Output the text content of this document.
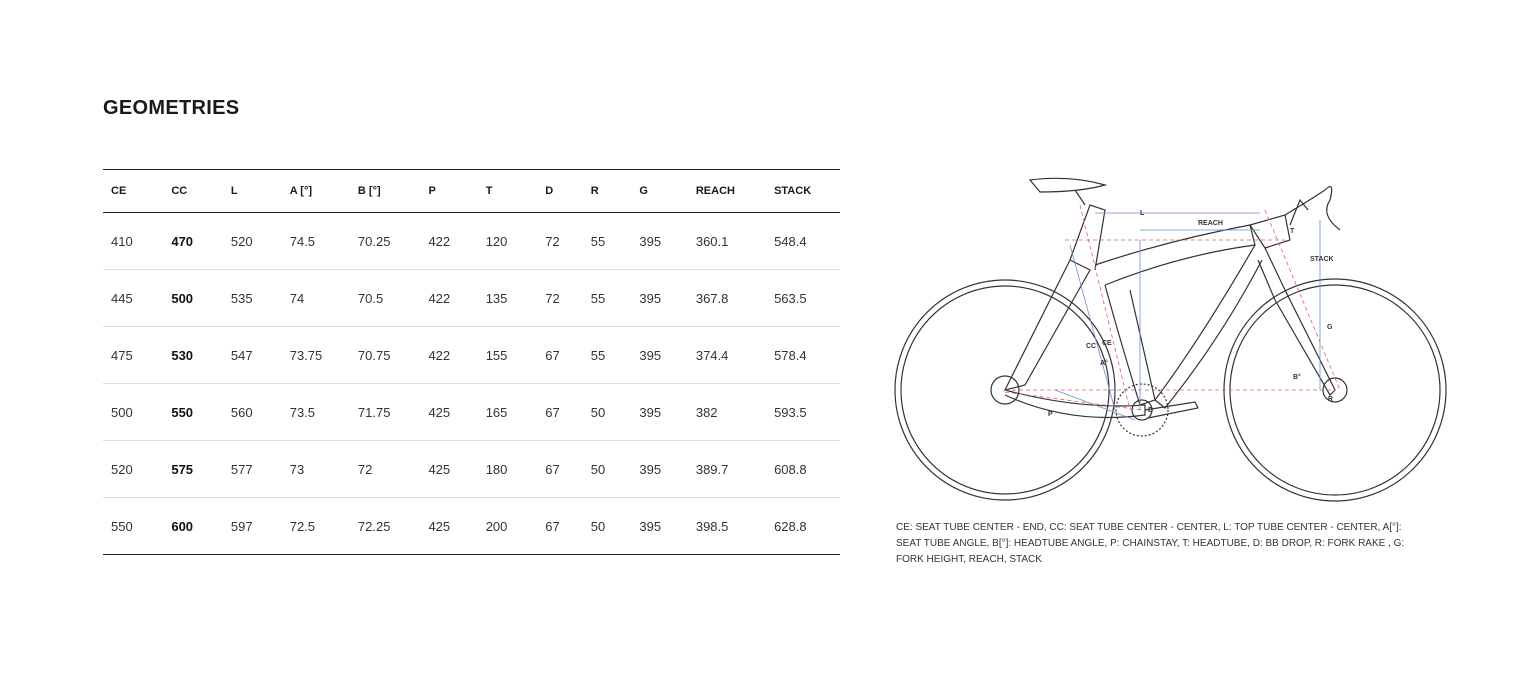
GEOMETRIES
CE	CC	L	A [°]	B [°]	P	T	D	R	G	REACH	STACK
410	470	520	74.5	70.25	422	120	72	55	395	360.1	548.4
445	500	535	74	70.5	422	135	72	55	395	367.8	563.5
475	530	547	73.75	70.75	422	155	67	55	395	374.4	578.4
500	550	560	73.5	71.75	425	165	67	50	395	382	593.5
520	575	577	73	72	425	180	67	50	395	389.7	608.8
550	600	597	72.5	72.25	425	200	67	50	395	398.5	628.8
L
REACH
T
STACK
G
CC CE
A°
B°
R
D
P
CE: SEAT TUBE CENTER - END, CC: SEAT TUBE CENTER - CENTER, L: TOP TUBE CENTER - CENTER, A[°]: SEAT TUBE ANGLE, B[°]: HEADTUBE ANGLE, P: CHAINSTAY, T: HEADTUBE, D: BB DROP, R: FORK RAKE , G: FORK HEIGHT, REACH, STACK
